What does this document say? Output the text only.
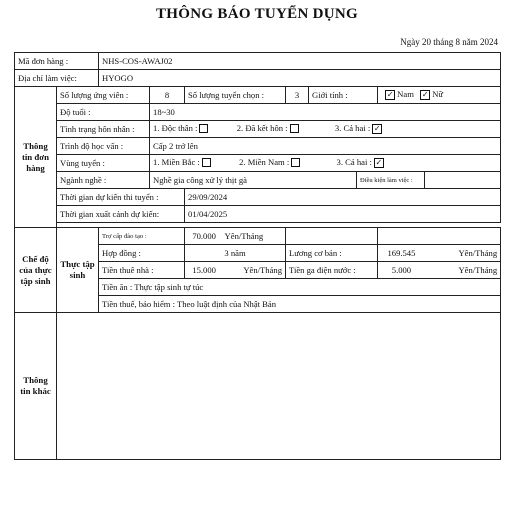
THÔNG BÁO TUYỂN DỤNG
Ngày 20 tháng 8 năm 2024
Mã đơn hàng :		NHS-COS-AWAJ02								
Địa chỉ làm việc:		HYOGO								
Thông tin đơn hàng	Số lượng ứng viên :		8	Số lượng tuyển chọn :	3	Giới tính :		✓ Nam ✓ Nữ		
	Độ tuổi :		18~30							
	Tình trạng hôn nhân :		1. Độc thân : 2. Đã kết hôn : 3. Cả hai : ✓							
	Trình độ học vấn :		Cấp 2 trở lên							
	Vùng tuyển :		1. Miền Bắc : 2. Miền Nam : 3. Cả hai : ✓							
	Ngành nghề :		Nghề gia công xử lý thịt gà				Điều kiện làm việc :		
	Thời gian dự kiến thi tuyển :			29/09/2024						
	Thời gian xuất cảnh dự kiến:			01/04/2025						

Chế độ của thực tập sinh	Thực tập sinh	Trợ cấp đào tạo :		70.000 Yên/Tháng						
		Hợp đồng :		3 năm	Lương cơ bản :			169.545 Yên/Tháng		

		Tiền thuê nhà :		15.000 Yên/Tháng	Tiền ga điện nước :			5.000 Yên/Tháng		

		Tiền ăn : Thực tập sinh tự túc								
		Tiền thuế, bảo hiểm : Theo luật định của Nhật Bản								
Thông tin khác										
